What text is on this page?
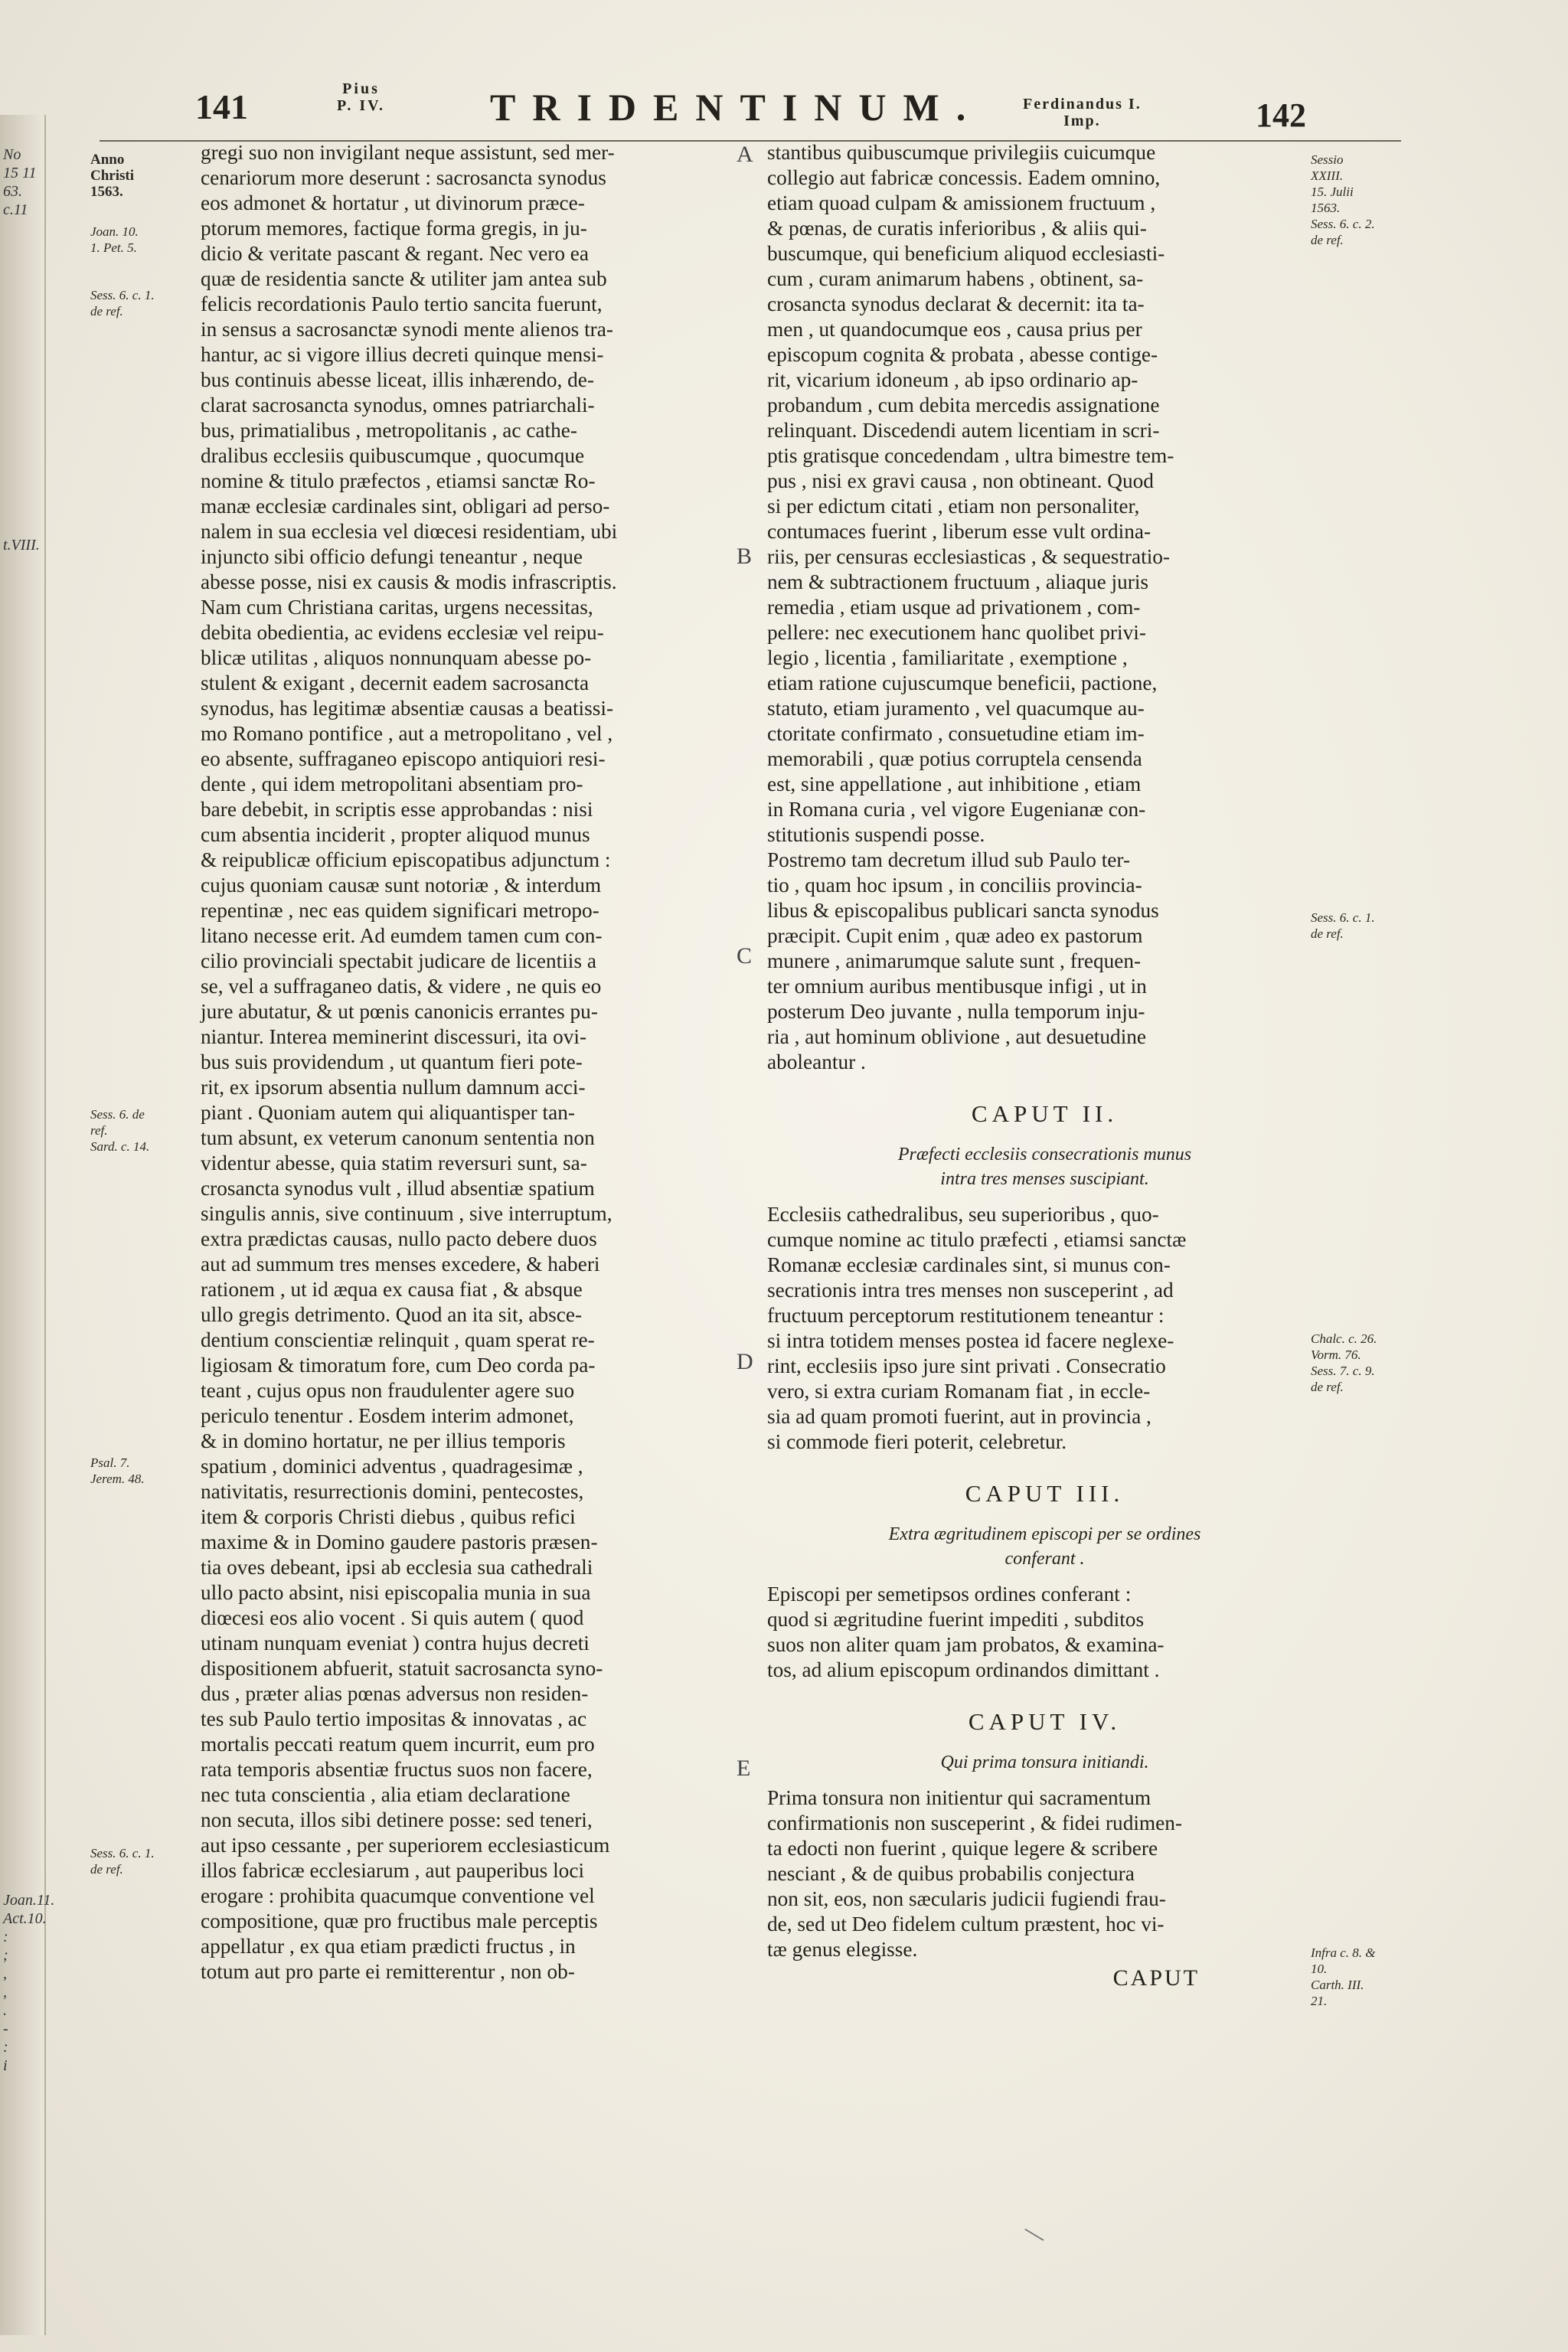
No
15 11
63.
c.11
t.VIII.
Joan.11.
Act.10.
:
;
,
,
.
-
:
i
141	Pius
P. IV.	TRIDENTINUM.	Ferdinandus I.
Imp.	142
Anno
Christi
1563.
Joan. 10.
1. Pet. 5.
Sess. 6. c. 1.
de ref.
Sess. 6. de
ref.
Sard. c. 14.
Psal. 7.
Jerem. 48.
Sess. 6. c. 1.
de ref.
Sessio
XXIII.
15. Julii
1563.
Sess. 6. c. 2.
de ref.
Sess. 6. c. 1.
de ref.
Chalc. c. 26.
Vorm. 76.
Sess. 7. c. 9.
de ref.
Infra c. 8. &
10.
Carth. III.
21.
A
B
C
D
E
gregi suo non invigilant neque assistunt, sed mer-
cenariorum more deserunt : sacrosancta synodus
eos admonet & hortatur , ut divinorum præce-
ptorum memores, factique forma gregis, in ju-
dicio & veritate pascant & regant. Nec vero ea
quæ de residentia sancte & utiliter jam antea sub
felicis recordationis Paulo tertio sancita fuerunt,
in sensus a sacrosanctæ synodi mente alienos tra-
hantur, ac si vigore illius decreti quinque mensi-
bus continuis abesse liceat, illis inhærendo, de-
clarat sacrosancta synodus, omnes patriarchali-
bus, primatialibus , metropolitanis , ac cathe-
dralibus ecclesiis quibuscumque , quocumque
nomine & titulo præfectos , etiamsi sanctæ Ro-
manæ ecclesiæ cardinales sint, obligari ad perso-
nalem in sua ecclesia vel diœcesi residentiam, ubi
injuncto sibi officio defungi teneantur , neque
abesse posse, nisi ex causis & modis infrascriptis.
Nam cum Christiana caritas, urgens necessitas,
debita obedientia, ac evidens ecclesiæ vel reipu-
blicæ utilitas , aliquos nonnunquam abesse po-
stulent & exigant , decernit eadem sacrosancta
synodus, has legitimæ absentiæ causas a beatissi-
mo Romano pontifice , aut a metropolitano , vel ,
eo absente, suffraganeo episcopo antiquiori resi-
dente , qui idem metropolitani absentiam pro-
bare debebit, in scriptis esse approbandas : nisi
cum absentia inciderit , propter aliquod munus
& reipublicæ officium episcopatibus adjunctum :
cujus quoniam causæ sunt notoriæ , & interdum
repentinæ , nec eas quidem significari metropo-
litano necesse erit. Ad eumdem tamen cum con-
cilio provinciali spectabit judicare de licentiis a
se, vel a suffraganeo datis, & videre , ne quis eo
jure abutatur, & ut pœnis canonicis errantes pu-
niantur. Interea meminerint discessuri, ita ovi-
bus suis providendum , ut quantum fieri pote-
rit, ex ipsorum absentia nullum damnum acci-
piant . Quoniam autem qui aliquantisper tan-
tum absunt, ex veterum canonum sententia non
videntur abesse, quia statim reversuri sunt, sa-
crosancta synodus vult , illud absentiæ spatium
singulis annis, sive continuum , sive interruptum,
extra prædictas causas, nullo pacto debere duos
aut ad summum tres menses excedere, & haberi
rationem , ut id æqua ex causa fiat , & absque
ullo gregis detrimento. Quod an ita sit, absce-
dentium conscientiæ relinquit , quam sperat re-
ligiosam & timoratum fore, cum Deo corda pa-
teant , cujus opus non fraudulenter agere suo
periculo tenentur . Eosdem interim admonet,
& in domino hortatur, ne per illius temporis
spatium , dominici adventus , quadragesimæ ,
nativitatis, resurrectionis domini, pentecostes,
item & corporis Christi diebus , quibus refici
maxime & in Domino gaudere pastoris præsen-
tia oves debeant, ipsi ab ecclesia sua cathedrali
ullo pacto absint, nisi episcopalia munia in sua
diœcesi eos alio vocent . Si quis autem ( quod
utinam nunquam eveniat ) contra hujus decreti
dispositionem abfuerit, statuit sacrosancta syno-
dus , præter alias pœnas adversus non residen-
tes sub Paulo tertio impositas & innovatas , ac
mortalis peccati reatum quem incurrit, eum pro
rata temporis absentiæ fructus suos non facere,
nec tuta conscientia , alia etiam declaratione
non secuta, illos sibi detinere posse: sed teneri,
aut ipso cessante , per superiorem ecclesiasticum
illos fabricæ ecclesiarum , aut pauperibus loci
erogare : prohibita quacumque conventione vel
compositione, quæ pro fructibus male perceptis
appellatur , ex qua etiam prædicti fructus , in
totum aut pro parte ei remitterentur , non ob-
stantibus quibuscumque privilegiis cuicumque
collegio aut fabricæ concessis. Eadem omnino,
etiam quoad culpam & amissionem fructuum ,
& pœnas, de curatis inferioribus , & aliis qui-
buscumque, qui beneficium aliquod ecclesiasti-
cum , curam animarum habens , obtinent, sa-
crosancta synodus declarat & decernit: ita ta-
men , ut quandocumque eos , causa prius per
episcopum cognita & probata , abesse contige-
rit, vicarium idoneum , ab ipso ordinario ap-
probandum , cum debita mercedis assignatione
relinquant. Discedendi autem licentiam in scri-
ptis gratisque concedendam , ultra bimestre tem-
pus , nisi ex gravi causa , non obtineant. Quod
si per edictum citati , etiam non personaliter,
contumaces fuerint , liberum esse vult ordina-
riis, per censuras ecclesiasticas , & sequestratio-
nem & subtractionem fructuum , aliaque juris
remedia , etiam usque ad privationem , com-
pellere: nec executionem hanc quolibet privi-
legio , licentia , familiaritate , exemptione ,
etiam ratione cujuscumque beneficii, pactione,
statuto, etiam juramento , vel quacumque au-
ctoritate confirmato , consuetudine etiam im-
memorabili , quæ potius corruptela censenda
est, sine appellatione , aut inhibitione , etiam
in Romana curia , vel vigore Eugenianæ con-
stitutionis suspendi posse.
Postremo tam decretum illud sub Paulo ter-
tio , quam hoc ipsum , in conciliis provincia-
libus & episcopalibus publicari sancta synodus
præcipit. Cupit enim , quæ adeo ex pastorum
munere , animarumque salute sunt , frequen-
ter omnium auribus mentibusque infigi , ut in
posterum Deo juvante , nulla temporum inju-
ria , aut hominum oblivione , aut desuetudine
aboleantur .
CAPUT II.
Præfecti ecclesiis consecrationis munus
intra tres menses suscipiant.
Ecclesiis cathedralibus, seu superioribus , quo-
cumque nomine ac titulo præfecti , etiamsi sanctæ
Romanæ ecclesiæ cardinales sint, si munus con-
secrationis intra tres menses non susceperint , ad
fructuum perceptorum restitutionem teneantur :
si intra totidem menses postea id facere neglexe-
rint, ecclesiis ipso jure sint privati . Consecratio
vero, si extra curiam Romanam fiat , in eccle-
sia ad quam promoti fuerint, aut in provincia ,
si commode fieri poterit, celebretur.
CAPUT III.
Extra ægritudinem episcopi per se ordines
conferant .
Episcopi per semetipsos ordines conferant :
quod si ægritudine fuerint impediti , subditos
suos non aliter quam jam probatos, & examina-
tos, ad alium episcopum ordinandos dimittant .
CAPUT IV.
Qui prima tonsura initiandi.
Prima tonsura non initientur qui sacramentum
confirmationis non susceperint , & fidei rudimen-
ta edocti non fuerint , quique legere & scribere
nesciant , & de quibus probabilis conjectura
non sit, eos, non sæcularis judicii fugiendi frau-
de, sed ut Deo fidelem cultum præstent, hoc vi-
tæ genus elegisse.
CAPUT
\
